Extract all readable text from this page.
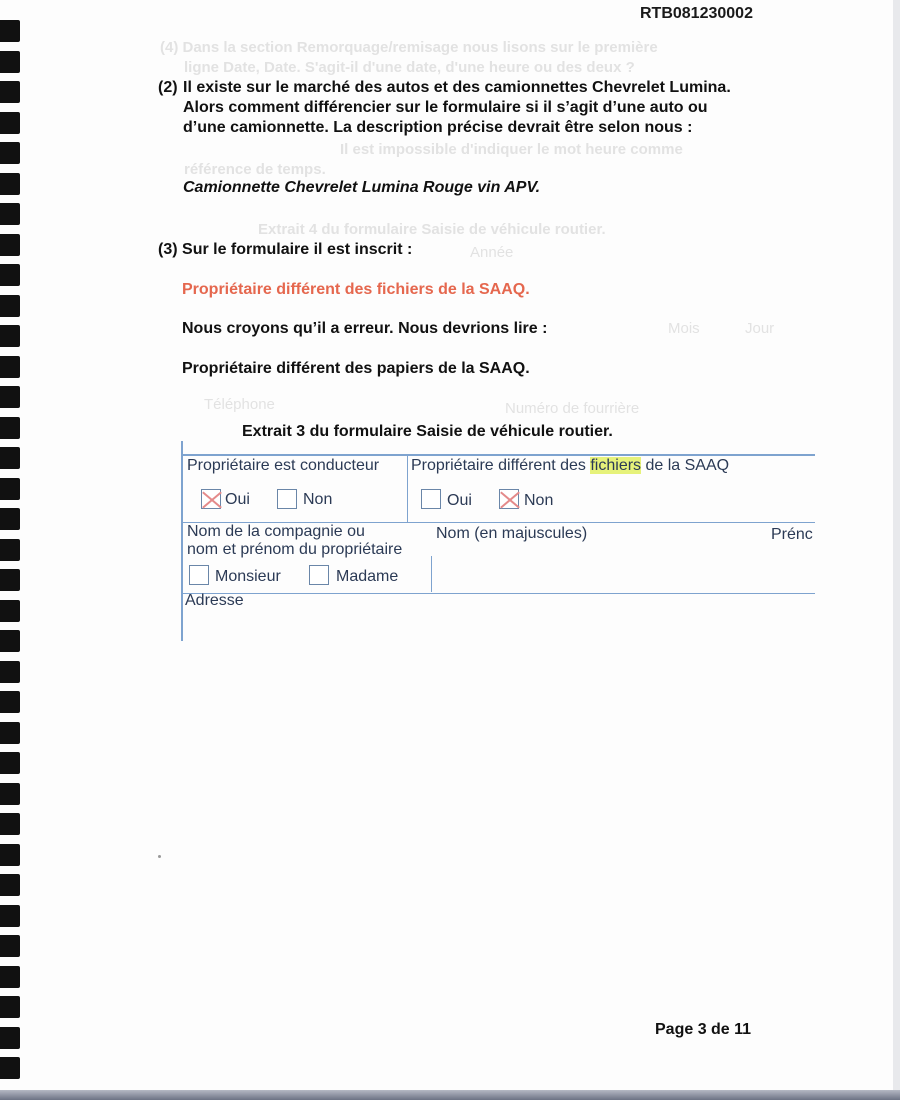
RTB081230002
(4) Dans la section Remorquage/remisage nous lisons sur le première
ligne Date, Date. S'agit-il d'une date, d'une heure ou des deux ?
Il est impossible d'indiquer le mot heure comme
référence de temps.
Extrait 4 du formulaire Saisie de véhicule routier.
Année
Mois	Jour
Téléphone	Numéro de fourrière
(2) Il existe sur le marché des autos et des camionnettes Chevrelet Lumina. Alors comment différencier sur le formulaire si il s’agit d’une auto ou d’une camionnette. La description précise devrait être selon nous :
Camionnette Chevrelet Lumina Rouge vin APV.
(3) Sur le formulaire il est inscrit :
Propriétaire différent des fichiers de la SAAQ.
Nous croyons qu’il a erreur. Nous devrions lire :
Propriétaire différent des papiers de la SAAQ.
Extrait 3 du formulaire Saisie de véhicule routier.
Propriétaire est conducteur Propriétaire différent des fichiers de la SAAQ
Oui	Non	Oui	Non
Nom de la compagnie ou
nom et prénom du propriétaire
Nom (en majuscules)	Prénc
Monsieur	Madame
Adresse
Page 3 de 11
